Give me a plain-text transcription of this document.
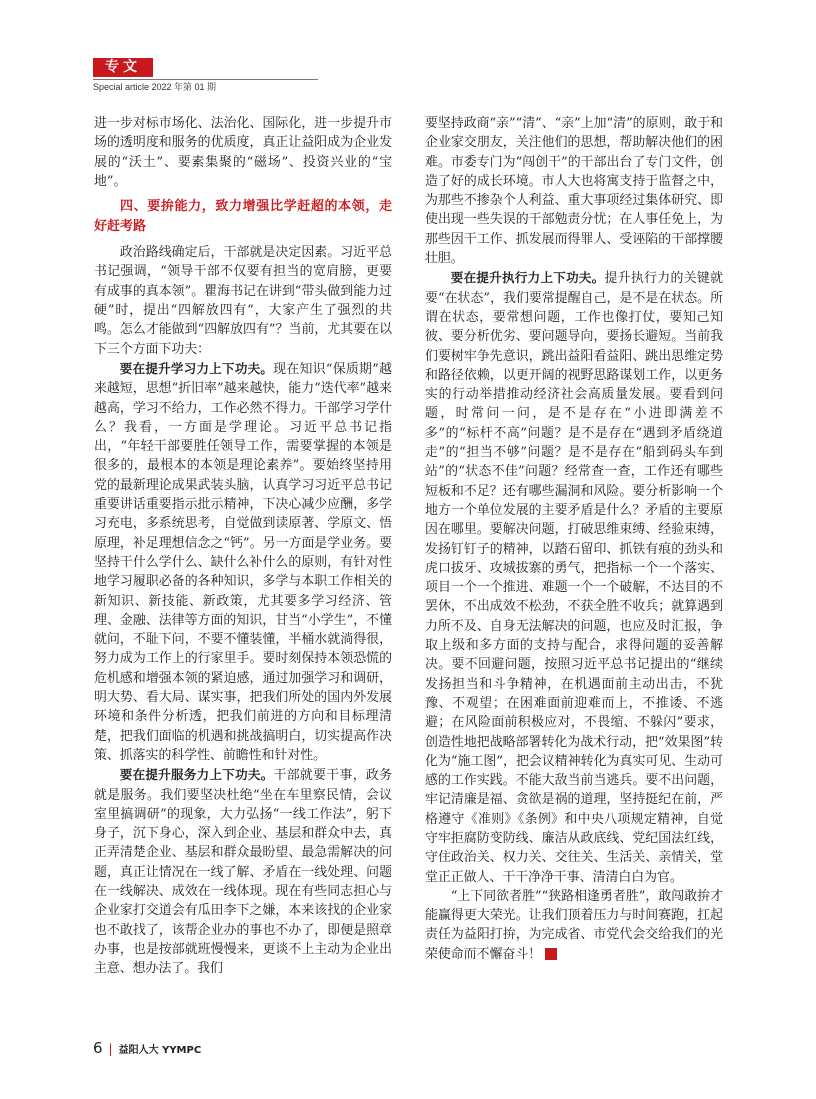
专文
Special article 2022 年第 01 期

进一步对标市场化、法治化、国际化，进一步提升市场的透明度和服务的优质度，真正让益阳成为企业发展的“沃土”、要素集聚的“磁场”、投资兴业的“宝地”。

四、要拚能力，致力增强比学赶超的本领，走好赶考路

政治路线确定后，干部就是决定因素。习近平总书记强调，“领导干部不仅要有担当的宽肩膀，更要有成事的真本领”。瞿海书记在讲到“带头做到能力过硬”时，提出“四解放四有”，大家产生了强烈的共鸣。怎么才能做到“四解放四有”？当前，尤其要在以下三个方面下功夫：

要在提升学习力上下功夫。现在知识“保质期”越来越短，思想“折旧率”越来越快，能力“迭代率”越来越高，学习不给力，工作必然不得力。干部学习学什么？我看，一方面是学理论。习近平总书记指出，“年轻干部要胜任领导工作，需要掌握的本领是很多的，最根本的本领是理论素养”。要始终坚持用党的最新理论成果武装头脑，认真学习习近平总书记重要讲话重要指示批示精神，下决心减少应酬，多学习充电，多系统思考，自觉做到读原著、学原文、悟原理，补足理想信念之“钙”。另一方面是学业务。要坚持干什么学什么、缺什么补什么的原则，有针对性地学习履职必备的各种知识，多学与本职工作相关的新知识、新技能、新政策，尤其要多学习经济、管理、金融、法律等方面的知识，甘当“小学生”，不懂就问，不耻下问，不要不懂装懂，半桶水就淌得很，努力成为工作上的行家里手。要时刻保持本领恐慌的危机感和增强本领的紧迫感，通过加强学习和调研，明大势、看大局、谋实事，把我们所处的国内外发展环境和条件分析透，把我们前进的方向和目标理清楚，把我们面临的机遇和挑战搞明白，切实提高作决策、抓落实的科学性、前瞻性和针对性。

要在提升服务力上下功夫。干部就要干事，政务就是服务。我们要坚决杜绝“坐在车里察民情，会议室里搞调研”的现象，大力弘扬“一线工作法”，躬下身子，沉下身心，深入到企业、基层和群众中去，真正弄清楚企业、基层和群众最盼望、最急需解决的问题，真正让情况在一线了解、矛盾在一线处理、问题在一线解决、成效在一线体现。现在有些同志担心与企业家打交道会有瓜田李下之嫌，本来该找的企业家也不敢找了，该帮企业办的事也不办了，即便是照章办事，也是按部就班慢慢来，更谈不上主动为企业出主意、想办法了。我们

要坚持政商“亲”“清”、“亲”上加“清”的原则，敢于和企业家交朋友，关注他们的思想，帮助解决他们的困难。市委专门为“闯创干”的干部出台了专门文件，创造了好的成长环境。市人大也将寓支持于监督之中，为那些不掺杂个人利益、重大事项经过集体研究、即使出现一些失误的干部勉责分忧；在人事任免上，为那些因干工作、抓发展而得罪人、受诬陷的干部撑腰壮胆。

要在提升执行力上下功夫。提升执行力的关键就要“在状态”，我们要常提醒自己，是不是在状态。所谓在状态，要常想问题，工作也像打仗，要知己知彼、要分析优劣、要问题导向，要扬长避短。当前我们要树牢争先意识，跳出益阳看益阳、跳出思维定势和路径依赖，以更开阔的视野思路谋划工作，以更务实的行动举措推动经济社会高质量发展。要看到问题，时常问一问，是不是存在“小进即满差不多”的“标杆不高”问题？是不是存在“遇到矛盾绕道走”的“担当不够”问题？是不是存在“船到码头车到站”的“状态不佳”问题？经常查一查，工作还有哪些短板和不足？还有哪些漏洞和风险。要分析影响一个地方一个单位发展的主要矛盾是什么？矛盾的主要原因在哪里。要解决问题，打破思维束缚、经验束缚，发扬钉钉子的精神，以踏石留印、抓铁有痕的劲头和虎口拔牙、攻城拔寨的勇气，把指标一个一个落实、项目一个一个推进、难题一个一个破解，不达目的不罢休，不出成效不松劲，不获全胜不收兵；就算遇到力所不及、自身无法解决的问题，也应及时汇报，争取上级和多方面的支持与配合，求得问题的妥善解决。要不回避问题，按照习近平总书记提出的“继续发扬担当和斗争精神，在机遇面前主动出击，不犹豫、不观望；在困难面前迎难而上，不推诿、不逃避；在风险面前积极应对，不畏缩、不躲闪”要求，创造性地把战略部署转化为战术行动，把“效果图”转化为“施工图”，把会议精神转化为真实可见、生动可感的工作实践。不能大敌当前当逃兵。要不出问题，牢记清廉是福、贪欲是祸的道理，坚持挺纪在前，严格遵守《准则》《条例》和中央八项规定精神，自觉守牢拒腐防变防线、廉洁从政底线、党纪国法红线，守住政治关、权力关、交往关、生活关、亲情关，堂堂正正做人、干干净净干事、清清白白为官。

“上下同欲者胜”“狭路相逢勇者胜”，敢闯敢拚才能赢得更大荣光。让我们顶着压力与时间赛跑，扛起责任为益阳打拚，为完成省、市党代会交给我们的光荣使命而不懈奋斗！	全

6 | 益阳人大 YYMPC
